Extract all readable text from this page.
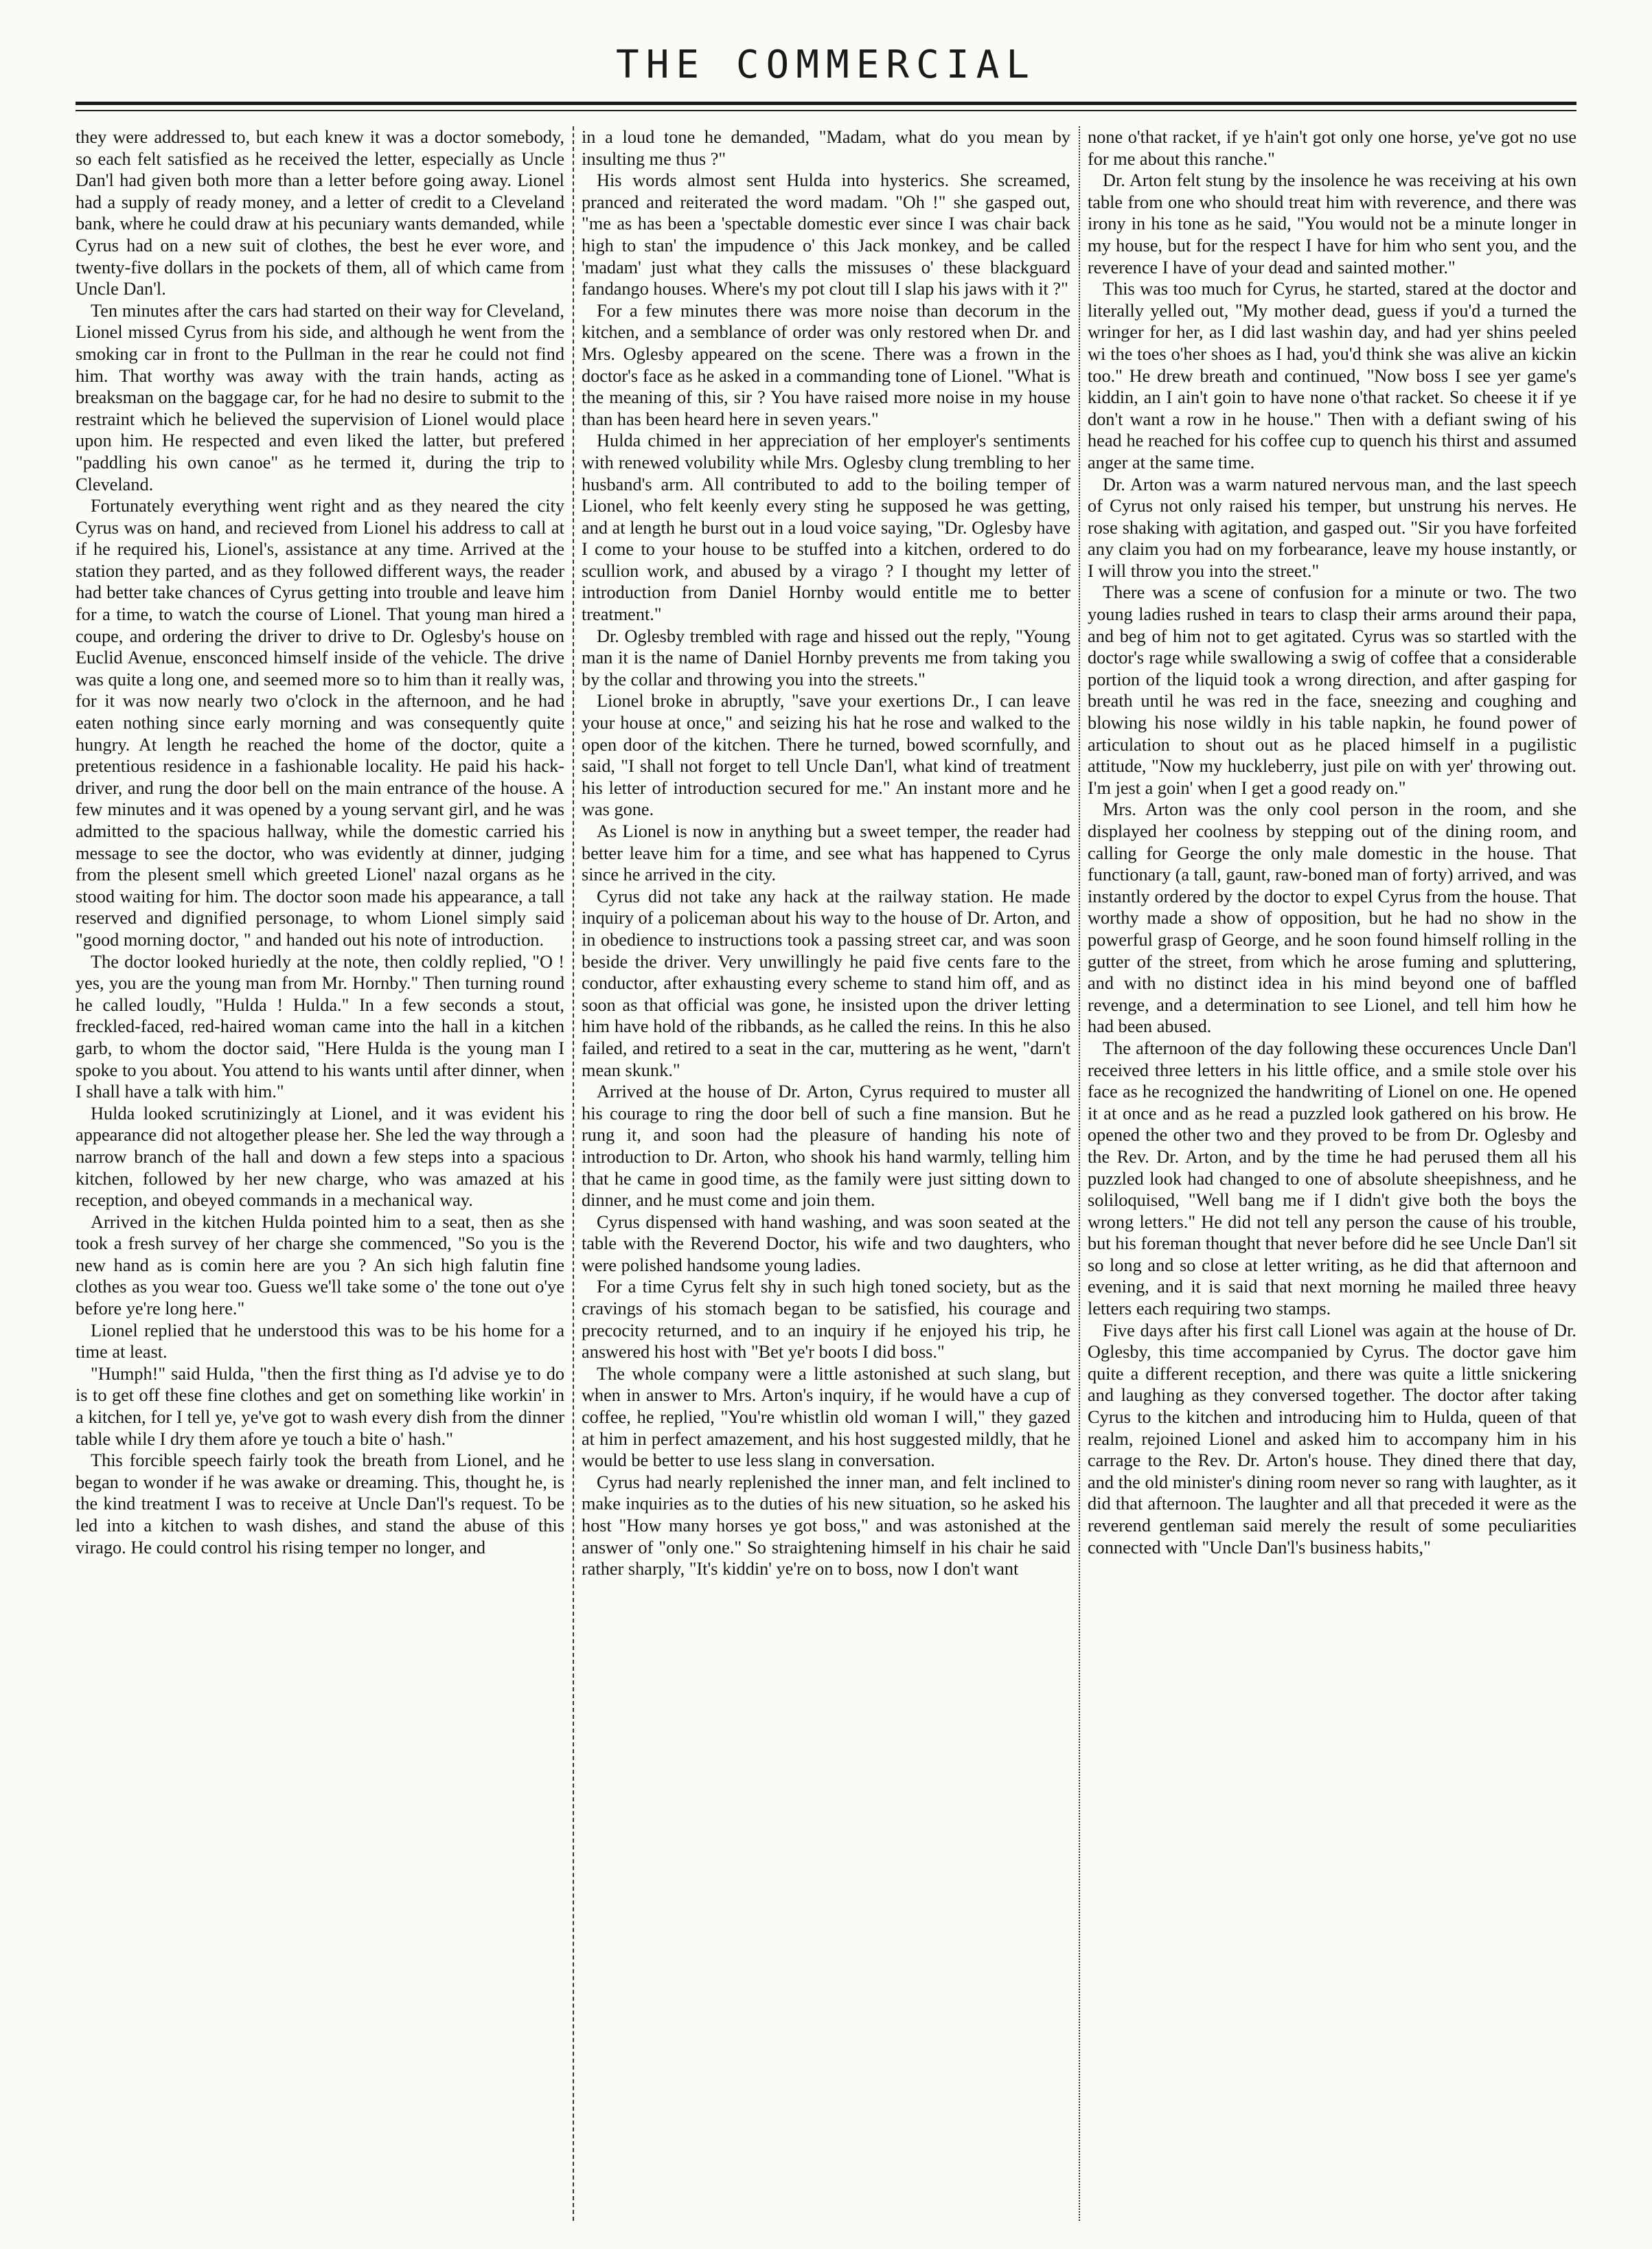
THE COMMERCIAL

they were addressed to, but each knew it was a doctor somebody, so each felt satisfied as he received the letter, especially as Uncle Dan'l had given both more than a letter before going away. Lionel had a supply of ready money, and a letter of credit to a Cleveland bank, where he could draw at his pecuniary wants demanded, while Cyrus had on a new suit of clothes, the best he ever wore, and twenty-five dollars in the pockets of them, all of which came from Uncle Dan'l.

Ten minutes after the cars had started on their way for Cleveland, Lionel missed Cyrus from his side, and although he went from the smoking car in front to the Pullman in the rear he could not find him. That worthy was away with the train hands, acting as breaksman on the baggage car, for he had no desire to submit to the restraint which he believed the supervision of Lionel would place upon him. He respected and even liked the latter, but prefered "paddling his own canoe" as he termed it, during the trip to Cleveland.

Fortunately everything went right and as they neared the city Cyrus was on hand, and recieved from Lionel his address to call at if he required his, Lionel's, assistance at any time. Arrived at the station they parted, and as they followed different ways, the reader had better take chances of Cyrus getting into trouble and leave him for a time, to watch the course of Lionel. That young man hired a coupe, and ordering the driver to drive to Dr. Oglesby's house on Euclid Avenue, ensconced himself inside of the vehicle. The drive was quite a long one, and seemed more so to him than it really was, for it was now nearly two o'clock in the afternoon, and he had eaten nothing since early morning and was consequently quite hungry. At length he reached the home of the doctor, quite a pretentious residence in a fashionable locality. He paid his hack-driver, and rung the door bell on the main entrance of the house. A few minutes and it was opened by a young servant girl, and he was admitted to the spacious hallway, while the domestic carried his message to see the doctor, who was evidently at dinner, judging from the plesent smell which greeted Lionel' nazal organs as he stood waiting for him. The doctor soon made his appearance, a tall reserved and dignified personage, to whom Lionel simply said "good morning doctor, " and handed out his note of introduction.

The doctor looked huriedly at the note, then coldly replied, "O ! yes, you are the young man from Mr. Hornby." Then turning round he called loudly, "Hulda ! Hulda." In a few seconds a stout, freckled-faced, red-haired woman came into the hall in a kitchen garb, to whom the doctor said, "Here Hulda is the young man I spoke to you about. You attend to his wants until after dinner, when I shall have a talk with him."

Hulda looked scrutinizingly at Lionel, and it was evident his appearance did not altogether please her. She led the way through a narrow branch of the hall and down a few steps into a spacious kitchen, followed by her new charge, who was amazed at his reception, and obeyed commands in a mechanical way.

Arrived in the kitchen Hulda pointed him to a seat, then as she took a fresh survey of her charge she commenced, "So you is the new hand as is comin here are you ? An sich high falutin fine clothes as you wear too. Guess we'll take some o' the tone out o'ye before ye're long here."

Lionel replied that he understood this was to be his home for a time at least.

"Humph!" said Hulda, "then the first thing as I'd advise ye to do is to get off these fine clothes and get on something like workin' in a kitchen, for I tell ye, ye've got to wash every dish from the dinner table while I dry them afore ye touch a bite o' hash."

This forcible speech fairly took the breath from Lionel, and he began to wonder if he was awake or dreaming. This, thought he, is the kind treatment I was to receive at Uncle Dan'l's request. To be led into a kitchen to wash dishes, and stand the abuse of this virago. He could control his rising temper no longer, and

in a loud tone he demanded, "Madam, what do you mean by insulting me thus ?"

His words almost sent Hulda into hysterics. She screamed, pranced and reiterated the word madam. "Oh !" she gasped out, "me as has been a 'spectable domestic ever since I was chair back high to stan' the impudence o' this Jack monkey, and be called 'madam' just what they calls the missuses o' these blackguard fandango houses. Where's my pot clout till I slap his jaws with it ?"

For a few minutes there was more noise than decorum in the kitchen, and a semblance of order was only restored when Dr. and Mrs. Oglesby appeared on the scene. There was a frown in the doctor's face as he asked in a commanding tone of Lionel. "What is the meaning of this, sir ? You have raised more noise in my house than has been heard here in seven years."

Hulda chimed in her appreciation of her employer's sentiments with renewed volubility while Mrs. Oglesby clung trembling to her husband's arm. All contributed to add to the boiling temper of Lionel, who felt keenly every sting he supposed he was getting, and at length he burst out in a loud voice saying, "Dr. Oglesby have I come to your house to be stuffed into a kitchen, ordered to do scullion work, and abused by a virago ? I thought my letter of introduction from Daniel Hornby would entitle me to better treatment."

Dr. Oglesby trembled with rage and hissed out the reply, "Young man it is the name of Daniel Hornby prevents me from taking you by the collar and throwing you into the streets."

Lionel broke in abruptly, "save your exertions Dr., I can leave your house at once," and seizing his hat he rose and walked to the open door of the kitchen. There he turned, bowed scornfully, and said, "I shall not forget to tell Uncle Dan'l, what kind of treatment his letter of introduction secured for me." An instant more and he was gone.

As Lionel is now in anything but a sweet temper, the reader had better leave him for a time, and see what has happened to Cyrus since he arrived in the city.

Cyrus did not take any hack at the railway station. He made inquiry of a policeman about his way to the house of Dr. Arton, and in obedience to instructions took a passing street car, and was soon beside the driver. Very unwillingly he paid five cents fare to the conductor, after exhausting every scheme to stand him off, and as soon as that official was gone, he insisted upon the driver letting him have hold of the ribbands, as he called the reins. In this he also failed, and retired to a seat in the car, muttering as he went, "darn't mean skunk."

Arrived at the house of Dr. Arton, Cyrus required to muster all his courage to ring the door bell of such a fine mansion. But he rung it, and soon had the pleasure of handing his note of introduction to Dr. Arton, who shook his hand warmly, telling him that he came in good time, as the family were just sitting down to dinner, and he must come and join them.

Cyrus dispensed with hand washing, and was soon seated at the table with the Reverend Doctor, his wife and two daughters, who were polished handsome young ladies.

For a time Cyrus felt shy in such high toned society, but as the cravings of his stomach began to be satisfied, his courage and precocity returned, and to an inquiry if he enjoyed his trip, he answered his host with "Bet ye'r boots I did boss."

The whole company were a little astonished at such slang, but when in answer to Mrs. Arton's inquiry, if he would have a cup of coffee, he replied, "You're whistlin old woman I will," they gazed at him in perfect amazement, and his host suggested mildly, that he would be better to use less slang in conversation.

Cyrus had nearly replenished the inner man, and felt inclined to make inquiries as to the duties of his new situation, so he asked his host "How many horses ye got boss," and was astonished at the answer of "only one." So straightening himself in his chair he said rather sharply, "It's kiddin' ye're on to boss, now I don't want

none o'that racket, if ye h'ain't got only one horse, ye've got no use for me about this ranche."

Dr. Arton felt stung by the insolence he was receiving at his own table from one who should treat him with reverence, and there was irony in his tone as he said, "You would not be a minute longer in my house, but for the respect I have for him who sent you, and the reverence I have of your dead and sainted mother."

This was too much for Cyrus, he started, stared at the doctor and literally yelled out, "My mother dead, guess if you'd a turned the wringer for her, as I did last washin day, and had yer shins peeled wi the toes o'her shoes as I had, you'd think she was alive an kickin too." He drew breath and continued, "Now boss I see yer game's kiddin, an I ain't goin to have none o'that racket. So cheese it if ye don't want a row in he house." Then with a defiant swing of his head he reached for his coffee cup to quench his thirst and assumed anger at the same time.

Dr. Arton was a warm natured nervous man, and the last speech of Cyrus not only raised his temper, but unstrung his nerves. He rose shaking with agitation, and gasped out. "Sir you have forfeited any claim you had on my forbearance, leave my house instantly, or I will throw you into the street."

There was a scene of confusion for a minute or two. The two young ladies rushed in tears to clasp their arms around their papa, and beg of him not to get agitated. Cyrus was so startled with the doctor's rage while swallowing a swig of coffee that a considerable portion of the liquid took a wrong direction, and after gasping for breath until he was red in the face, sneezing and coughing and blowing his nose wildly in his table napkin, he found power of articulation to shout out as he placed himself in a pugilistic attitude, "Now my huckleberry, just pile on with yer' throwing out. I'm jest a goin' when I get a good ready on."

Mrs. Arton was the only cool person in the room, and she displayed her coolness by stepping out of the dining room, and calling for George the only male domestic in the house. That functionary (a tall, gaunt, raw-boned man of forty) arrived, and was instantly ordered by the doctor to expel Cyrus from the house. That worthy made a show of opposition, but he had no show in the powerful grasp of George, and he soon found himself rolling in the gutter of the street, from which he arose fuming and spluttering, and with no distinct idea in his mind beyond one of baffled revenge, and a determination to see Lionel, and tell him how he had been abused.

The afternoon of the day following these occurences Uncle Dan'l received three letters in his little office, and a smile stole over his face as he recognized the handwriting of Lionel on one. He opened it at once and as he read a puzzled look gathered on his brow. He opened the other two and they proved to be from Dr. Oglesby and the Rev. Dr. Arton, and by the time he had perused them all his puzzled look had changed to one of absolute sheepishness, and he soliloquised, "Well bang me if I didn't give both the boys the wrong letters." He did not tell any person the cause of his trouble, but his foreman thought that never before did he see Uncle Dan'l sit so long and so close at letter writing, as he did that afternoon and evening, and it is said that next morning he mailed three heavy letters each requiring two stamps.

Five days after his first call Lionel was again at the house of Dr. Oglesby, this time accompanied by Cyrus. The doctor gave him quite a different reception, and there was quite a little snickering and laughing as they conversed together. The doctor after taking Cyrus to the kitchen and introducing him to Hulda, queen of that realm, rejoined Lionel and asked him to accompany him in his carrage to the Rev. Dr. Arton's house. They dined there that day, and the old minister's dining room never so rang with laughter, as it did that afternoon. The laughter and all that preceded it were as the reverend gentleman said merely the result of some peculiarities connected with "Uncle Dan'l's business habits,"
